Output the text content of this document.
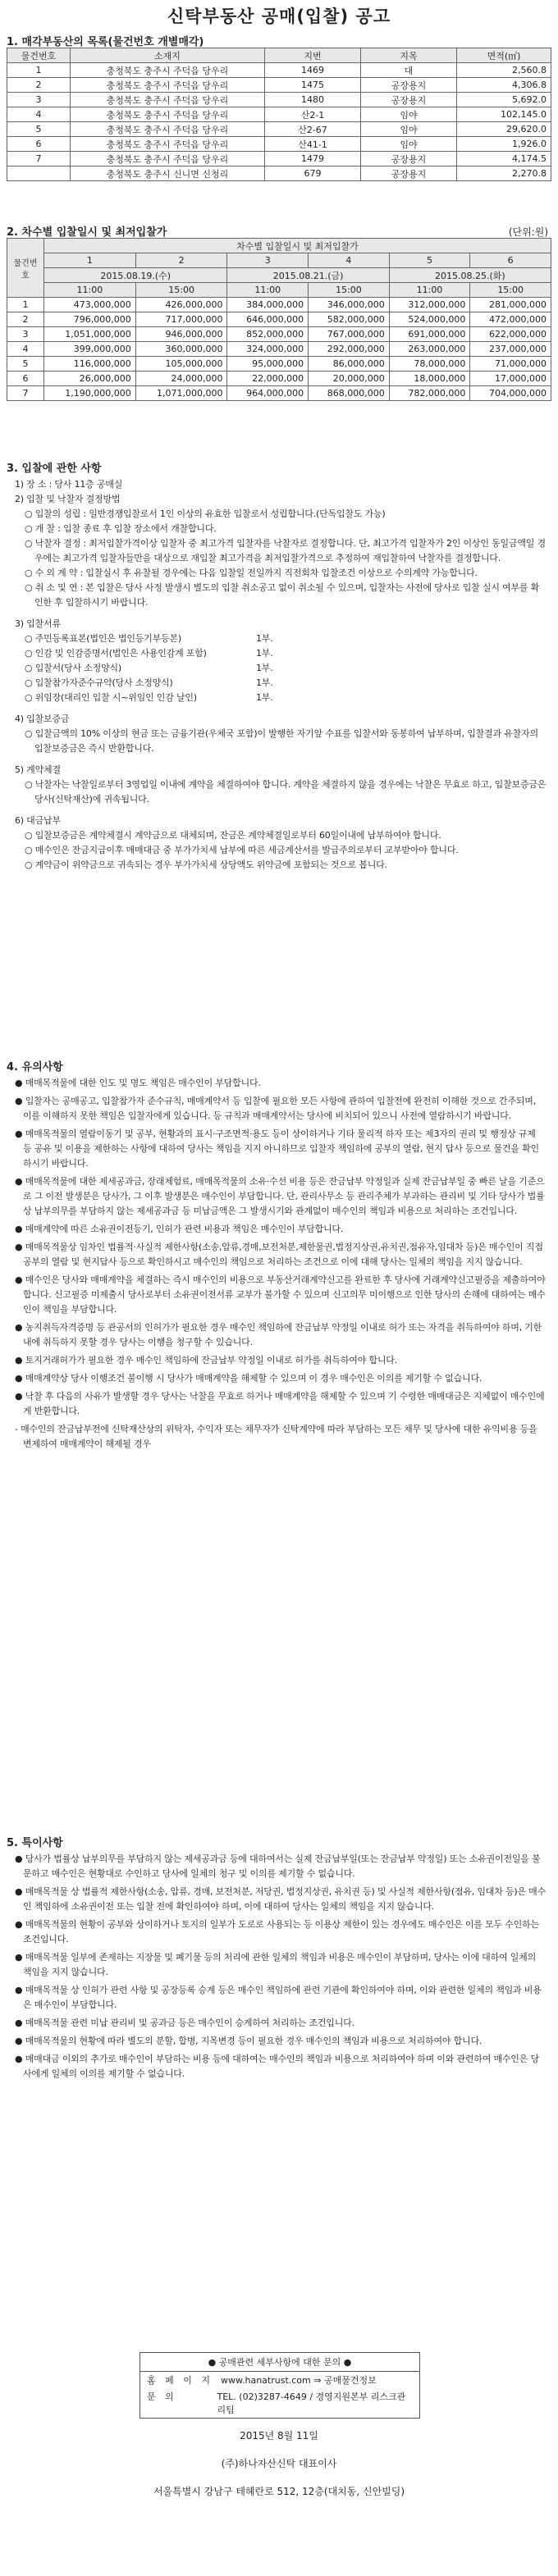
신탁부동산 공매(입찰) 공고
1. 매각부동산의 목록(물건번호 개별매각)
물건번호	소재지	지번	지목	면적(㎡)
1	충청북도 충주시 주덕읍 당우리	1469	대	2,560.8
2	충청북도 충주시 주덕읍 당우리	1475	공장용지	4,306.8
3	충청북도 충주시 주덕읍 당우리	1480	공장용지	5,692.0
4	충청북도 충주시 주덕읍 당우리	산2-1	임야	102,145.0
5	충청북도 충주시 주덕읍 당우리	산2-67	임야	29,620.0
6	충청북도 충주시 주덕읍 당우리	산41-1	임야	1,926.0
7	충청북도 충주시 주덕읍 당우리	1479	공장용지	4,174.5
	충청북도 충주시 신니면 신청리	679	공장용지	2,270.8
2. 차수별 입찰일시 및 최저입찰가	(단위:원)
물건번호	차수별 입찰일시 및 최저입찰가					
	1	2	3	4	5	6
	2015.08.19.(수)		2015.08.21.(금)		2015.08.25.(화)	
	11:00	15:00	11:00	15:00	11:00	15:00
1	473,000,000	426,000,000	384,000,000	346,000,000	312,000,000	281,000,000
2	796,000,000	717,000,000	646,000,000	582,000,000	524,000,000	472,000,000
3	1,051,000,000	946,000,000	852,000,000	767,000,000	691,000,000	622,000,000
4	399,000,000	360,000,000	324,000,000	292,000,000	263,000,000	237,000,000
5	116,000,000	105,000,000	95,000,000	86,000,000	78,000,000	71,000,000
6	26,000,000	24,000,000	22,000,000	20,000,000	18,000,000	17,000,000
7	1,190,000,000	1,071,000,000	964,000,000	868,000,000	782,000,000	704,000,000
3. 입찰에 관한 사항

1) 장 소 : 당사 11층 공매실

2) 입찰 및 낙찰자 결정방법

○ 입찰의 성립 : 일반경쟁입찰로서 1인 이상의 유효한 입찰로서 성립합니다.(단독입찰도 가능)

○ 개 찰 : 입찰 종료 후 입찰 장소에서 개찰합니다.

○ 낙찰자 결정 : 최저입찰가격이상 입찰자 중 최고가격 입찰자를 낙찰자로 결정합니다. 단, 최고가격 입찰자가 2인 이상인 동일금액일 경우에는 최고가격 입찰자들만을 대상으로 재입찰 최고가격을 최저입찰가격으로 추정하여 재입찰하여 낙찰자를 결정합니다.

○ 수 의 계 약 : 입찰실시 후 유찰될 경우에는 다음 입찰일 전일까지 직전회차 입찰조건 이상으로 수의계약 가능합니다.

○ 취 소 및 연 : 본 입찰은 당사 사정 발생시 별도의 입찰 취소공고 없이 취소될 수 있으며, 입찰자는 사전에 당사로 입찰 실시 여부를 확인한 후 입찰하시기 바랍니다.

3) 입찰서류

○ 주민등록표본(법인은 법인등기부등본)	1부.
○ 인감 및 인감증명서(법인은 사용인감계 포함)	1부.
○ 입찰서(당사 소정양식)	1부.
○ 입찰참가자준수규약(당사 소정양식)	1부.
○ 위임장(대리인 입찰 시~위임인 인감 날인)	1부.

4) 입찰보증금

○ 입찰금액의 10% 이상의 현금 또는 금융기관(우체국 포함)이 발행한 자기앞 수표를 입찰서와 동봉하여 납부하며, 입찰결과 유찰자의 입찰보증금은 즉시 반환합니다.

5) 계약체결

○ 낙찰자는 낙찰일로부터 3영업일 이내에 계약을 체결하여야 합니다. 계약을 체결하지 않을 경우에는 낙찰은 무효로 하고, 입찰보증금은 당사(신탁재산)에 귀속됩니다.

6) 대금납부

○ 입찰보증금은 계약체결시 계약금으로 대체되며, 잔금은 계약체결일로부터 60일이내에 납부하여야 합니다.

○ 매수인은 잔금지급이후 매매대금 중 부가가치세 납부에 따른 세금계산서를 발급주의로부터 교부받아야 합니다.

○ 계약금이 위약금으로 귀속되는 경우 부가가치세 상당액도 위약금에 포함되는 것으로 봅니다.

4. 유의사항

● 매매목적물에 대한 인도 및 명도 책임은 매수인이 부담합니다.

● 입찰자는 공매공고, 입찰참가자 준수규칙, 매매계약서 등 입찰에 필요한 모든 사항에 관하여 입찰전에 완전히 이해한 것으로 간주되며, 이를 이해하지 못한 책임은 입찰자에게 있습니다. 등 규칙과 매매계약서는 당사에 비치되어 있으니 사전에 열람하시기 바랍니다.

● 매매목적물의 열람이동기 및 공부, 현황과의 표시·구조면적·용도 등이 상이하거나 기타 물리적 하자 또는 제3자의 권리 및 행정상 규제 등 공유 및 이용을 제한하는 사항에 대하여 당사는 책임을 지지 아니하므로 입찰자 책임하에 공부의 열람, 현지 답사 등으로 물건을 확인하시기 바랍니다.

● 매매목적물에 대한 제세공과금, 장래체험료, 매매목적물의 소유·수선 비용 등은 잔금납부 약정일과 실제 잔금납부일 중 빠른 날을 기준으로 그 이전 발생분은 당사가, 그 이후 발생분은 매수인이 부담합니다. 단, 관리사무소 등 관리주체가 부과하는 관리비 및 기타 당사가 법률상 납부의무를 부담하지 않는 제세공과금 등 미납금액은 그 발생시기와 관계없이 매수인의 책임과 비용으로 처리하는 조건입니다.

● 매매계약에 따른 소유권이전등기, 인허가 관련 비용과 책임은 매수인이 부담합니다.

● 매매목적물상 임차인 법률적·사실적 제한사항(소송,압류,경매,보전처분,제한물권,법정지상권,유치권,점유자,임대차 등)은 매수인이 직접 공부의 열람 및 현지답사 등으로 확인하시고 매수인의 책임으로 처리하는 조건으로 이에 대해 당사는 일체의 책임을 지지 않습니다.

● 매수인은 당사와 매매계약을 체결하는 즉시 매수인의 비용으로 부동산거래계약신고를 완료한 후 당사에 거래계약신고필증을 제출하여야 합니다. 신고필증 미제출시 당사로부터 소유권이전서류 교부가 불가할 수 있으며 신고의무 미이행으로 인한 당사의 손해에 대하여는 매수인이 책임을 부담합니다.

● 농지취득자격증명 등 관공서의 인허가가 필요한 경우 매수인 책임하에 잔금납부 약정일 이내로 허가 또는 자격을 취득하여야 하며, 기한 내에 취득하지 못할 경우 당사는 이행을 청구할 수 있습니다.

● 토지거래허가가 필요한 경우 매수인 책임하에 잔금납부 약정일 이내로 허가를 취득하여야 합니다.

● 매매계약상 당사 이행조건 불이행 시 당사가 매매계약을 해제할 수 있으며 이 경우 매수인은 이의를 제기할 수 없습니다.

● 낙찰 후 다음의 사유가 발생할 경우 당사는 낙찰을 무효로 하거나 매매계약을 해제할 수 있으며 기 수령한 매매대금은 지체없이 매수인에게 반환합니다.

- 매수인의 잔금납부전에 신탁재산상의 위탁자, 수익자 또는 채무자가 신탁계약에 따라 부담하는 모든 채무 및 당사에 대한 유익비용 등을 변제하여 매매계약이 해제될 경우

5. 특이사항

● 당사가 법률상 납부의무를 부담하지 않는 제세공과금 등에 대하여서는 실제 잔금납부일(또는 잔금납부 약정일) 또는 소유권이전일을 불문하고 매수인은 현황대로 수인하고 당사에 일체의 청구 및 이의를 제기할 수 없습니다.

● 매매목적물 상 법률적 제한사항(소송, 압류, 경매, 보전처분, 저당권, 법정지상권, 유치권 등) 및 사실적 제한사항(점유, 임대차 등)은 매수인 책임하에 소유권이전 또는 입찰 전에 확인하여야 하며, 이에 대하여 당사는 일체의 책임을 지지 않습니다.

● 매매목적물의 현황이 공부와 상이하거나 토지의 일부가 도로로 사용되는 등 이용상 제한이 있는 경우에도 매수인은 이를 모두 수인하는 조건입니다.

● 매매목적물 일부에 존재하는 지장물 및 폐기물 등의 처리에 관한 일체의 책임과 비용은 매수인이 부담하며, 당사는 이에 대하여 일체의 책임을 지지 않습니다.

● 매매목적물 상 인허가 관련 사항 및 공장등록 승계 등은 매수인 책임하에 관련 기관에 확인하여야 하며, 이와 관련한 일체의 책임과 비용은 매수인이 부담합니다.

● 매매목적물 관련 미납 관리비 및 공과금 등은 매수인이 승계하여 처리하는 조건입니다.

● 매매목적물의 현황에 따라 별도의 분할, 합병, 지목변경 등이 필요한 경우 매수인의 책임과 비용으로 처리하여야 합니다.

● 매매대금 이외의 추가로 매수인이 부담하는 비용 등에 대하여는 매수인의 책임과 비용으로 처리하여야 하며 이와 관련하여 매수인은 당사에게 일체의 이의를 제기할 수 없습니다.

● 공매관련 세부사항에 대한 문의 ●
홈 페 이 지 www.hanatrust.com ⇒ 공매물건정보
문 의	TEL. (02)3287-4649 / 경영지원본부 리스크관리팀
2015년 8월 11일
(주)하나자산신탁 대표이사
서울특별시 강남구 테헤란로 512, 12층(대치동, 신안빌딩)
